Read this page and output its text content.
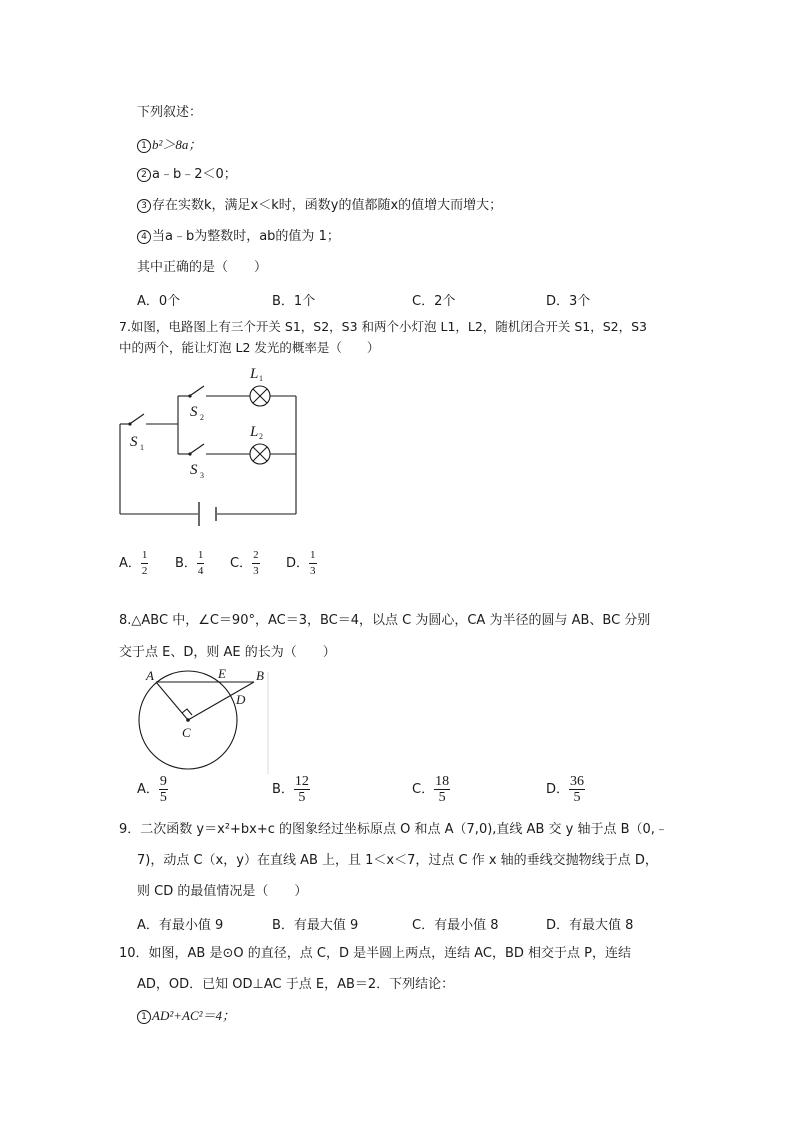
下列叙述：
1 b²＞8a；
2 a﹣b﹣2＜0；
3 存在实数k，满足x＜k时，函数y的值都随x的值增大而增大；
4 当a﹣b为整数时，ab的值为 1；
其中正确的是（　　）
A．0个	B．1个	C．2个	D．3个
7.如图，电路图上有三个开关 S1，S2，S3 和两个小灯泡 L1，L2，随机闭合开关 S1，S2，S3
中的两个，能让灯泡 L2 发光的概率是（　　）
S 1
S 2
S 3
L 1
L 2
A． $\frac{1}{2}$ B． $\frac{1}{4}$ C． $\frac{2}{3}$ D． $\frac{1}{3}$
8.△ABC 中，∠C＝90°，AC＝3，BC＝4，以点 C 为圆心，CA 为半径的圆与 AB、BC 分别
交于点 E、D，则 AE 的长为（　　）
A	E B
D
C
A． $\frac{9}{5}$	B． $\frac{12}{5}$	C． $\frac{18}{5}$	D． $\frac{36}{5}$
9．二次函数 y＝x²+bx+c 的图象经过坐标原点 O 和点 A（7,0),直线 AB 交 y 轴于点 B（0,﹣
7)，动点 C（x，y）在直线 AB 上，且 1＜x＜7，过点 C 作 x 轴的垂线交抛物线于点 D，
则 CD 的最值情况是（　　）
A．有最小值 9	B．有最大值 9	C．有最小值 8	D．有最大值 8
10．如图，AB 是⊙O 的直径，点 C，D 是半圆上两点，连结 AC，BD 相交于点 P，连结
AD，OD．已知 OD⊥AC 于点 E，AB＝2．下列结论：
1 AD²+AC²＝4；
